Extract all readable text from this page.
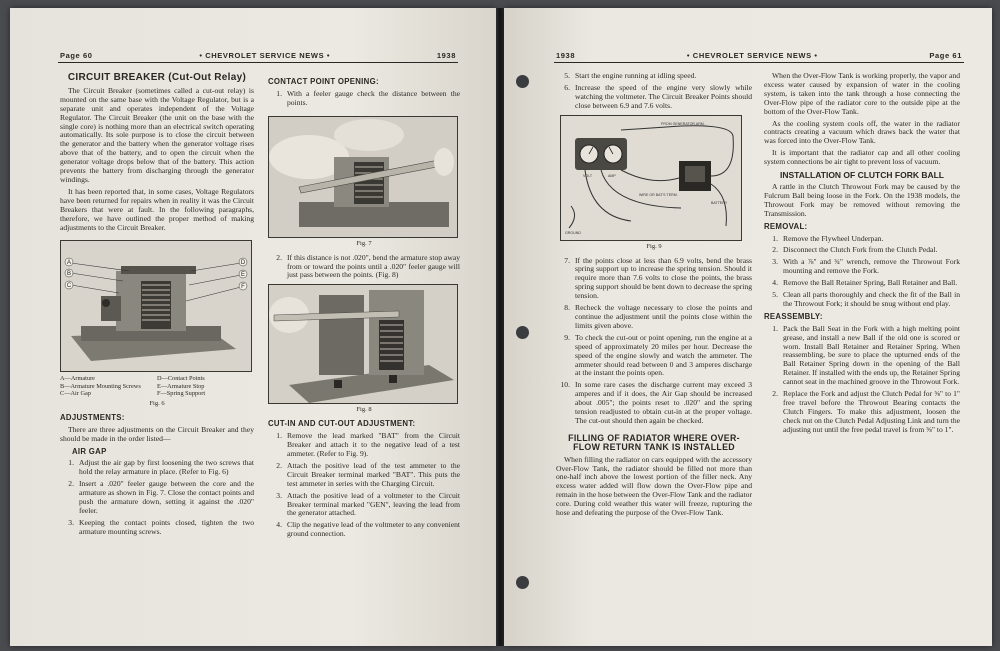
Page 60	• CHEVROLET SERVICE NEWS •	1938
CIRCUIT BREAKER (Cut-Out Relay)

The Circuit Breaker (sometimes called a cut-out relay) is mounted on the same base with the Voltage Regulator, but is a separate unit and operates independent of the Voltage Regulator. The Circuit Breaker (the unit on the base with the single core) is nothing more than an electrical switch operating automatically. Its sole purpose is to close the circuit between the generator and the battery when the generator voltage rises above that of the battery, and to open the circuit when the generator voltage drops below that of the battery. This action prevents the battery from discharging through the generator windings.

It has been reported that, in some cases, Voltage Regulators have been returned for repairs when in reality it was the Circuit Breakers that were at fault. In the following paragraphs, therefore, we have outlined the proper method of making adjustments to the Circuit Breaker.

A
B
C
D
E
F
A—Armature	D—Contact Points
B—Armature Mounting Screws	E—Armature Stop
C—Air Gap	F—Spring Support
Fig. 6
ADJUSTMENTS:

There are three adjustments on the Circuit Breaker and they should be made in the order listed—

AIR GAP
1. Adjust the air gap by first loosening the two screws that hold the relay armature in place. (Refer to Fig. 6)
2. Insert a .020" feeler gauge between the core and the armature as shown in Fig. 7. Close the contact points and push the armature down, setting it against the .020" feeler.
3. Keeping the contact points closed, tighten the two armature mounting screws.
CONTACT POINT OPENING:
1. With a feeler gauge check the distance between the points.
Fig. 7
2. If this distance is not .020", bend the armature stop away from or toward the points until a .020" feeler gauge will just pass between the points. (Fig. 8)
Fig. 8
CUT-IN AND CUT-OUT ADJUSTMENT:
1. Remove the lead marked "BAT" from the Circuit Breaker and attach it to the negative lead of a test ammeter. (Refer to Fig. 9).
2. Attach the positive lead of the test ammeter to the Circuit Breaker terminal marked "BAT". This puts the test ammeter in series with the Charging Circuit.
3. Attach the positive lead of a voltmeter to the Circuit Breaker terminal marked "GEN", leaving the lead from the generator attached.
4. Clip the negative lead of the voltmeter to any convenient ground connection.
1938	• CHEVROLET SERVICE NEWS •	Page 61
5. Start the engine running at idling speed.
6. Increase the speed of the engine very slowly while watching the voltmeter. The Circuit Breaker Points should close between 6.9 and 7.6 volts.
FROM GENERATOR ARM.
BATTERY
WIRE OR BAT'S TERM.
VOLT	AMP
GROUND
Fig. 9
7. If the points close at less than 6.9 volts, bend the brass spring support up to increase the spring tension. Should it require more than 7.6 volts to close the points, the brass spring support should be bent down to decrease the spring tension.
8. Recheck the voltage necessary to close the points and continue the adjustment until the points close within the limits given above.
9. To check the cut-out or point opening, run the engine at a speed of approximately 20 miles per hour. Decrease the speed of the engine slowly and watch the ammeter. The ammeter should read between 0 and 3 amperes discharge at the instant the points open.
10. In some rare cases the discharge current may exceed 3 amperes and if it does, the Air Gap should be increased about .005"; the points reset to .020" and the spring tension readjusted to obtain cut-in at the proper voltage. The cut-out should then again be checked.
FILLING OF RADIATOR WHERE OVER-FLOW RETURN TANK IS INSTALLED

When filling the radiator on cars equipped with the accessory Over-Flow Tank, the radiator should be filled not more than one-half inch above the lowest portion of the filler neck. Any excess water added will flow down the Over-Flow pipe and remain in the hose between the Over-Flow Tank and the radiator core. During cold weather this water will freeze, rupturing the hose and defeating the purpose of the Over-Flow Tank.

When the Over-Flow Tank is working properly, the vapor and excess water caused by expansion of water in the cooling system, is taken into the tank through a hose connecting the Over-Flow pipe of the radiator core to the outside pipe at the bottom of the Over-Flow Tank.

As the cooling system cools off, the water in the radiator contracts creating a vacuum which draws back the water that was forced into the Over-Flow Tank.

It is important that the radiator cap and all other cooling system connections be air tight to prevent loss of vacuum.

INSTALLATION OF CLUTCH FORK BALL

A rattle in the Clutch Throwout Fork may be caused by the Fulcrum Ball being loose in the Fork. On the 1938 models, the Throwout Fork may be removed without removing the Transmission.

REMOVAL:
1. Remove the Flywheel Underpan.
2. Disconnect the Clutch Fork from the Clutch Pedal.
3. With a ⅞" and ¾" wrench, remove the Throwout Fork mounting and remove the Fork.
4. Remove the Ball Retainer Spring, Ball Retainer and Ball.
5. Clean all parts thoroughly and check the fit of the Ball in the Throwout Fork; it should be snug without end play.
REASSEMBLY:
1. Pack the Ball Seat in the Fork with a high melting point grease, and install a new Ball if the old one is scored or worn. Install Ball Retainer and Retainer Spring. When reassembling, be sure to place the upturned ends of the Ball Retainer Spring down in the opening of the Ball Retainer. If installed with the ends up, the Retainer Spring cannot seat in the machined groove in the Throwout Fork.
2. Replace the Fork and adjust the Clutch Pedal for ⅝" to 1" free travel before the Throwout Bearing contacts the Clutch Fingers. To make this adjustment, loosen the check nut on the Clutch Pedal Adjusting Link and turn the adjusting nut until the free pedal travel is from ⅝" to 1".
